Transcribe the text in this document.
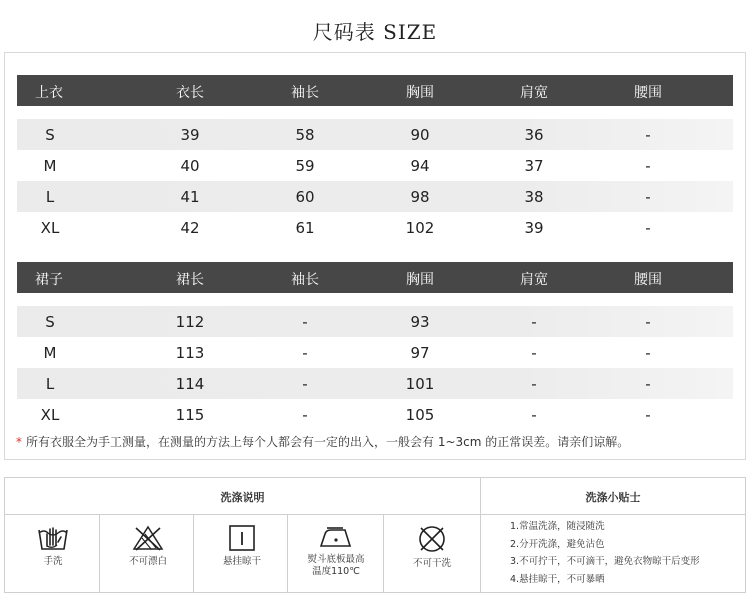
尺码表 SIZE
上衣	衣长	袖长	胸围	肩宽	腰围
S	39	58	90	36	-
M	40	59	94	37	-
L	41	60	98	38	-
XL	42	61	102	39	-
裙子	裙长	袖长	胸围	肩宽	腰围
S	112	-	93	-	-
M	113	-	97	-	-
L	114	-	101	-	-
XL	115	-	105	-	-
* 所有衣服全为手工测量，在测量的方法上每个人都会有一定的出入，一般会有 1~3cm 的正常误差。请亲们谅解。
洗涤说明	洗涤小贴士
手洗	不可漂白	悬挂晾干	熨斗底板最高
温度110℃
不可干洗
1.常温洗涤，随浸随洗
2.分开洗涤，避免沾色
3.不可拧干，不可滴干，避免衣物晾干后变形
4.悬挂晾干，不可暴晒
